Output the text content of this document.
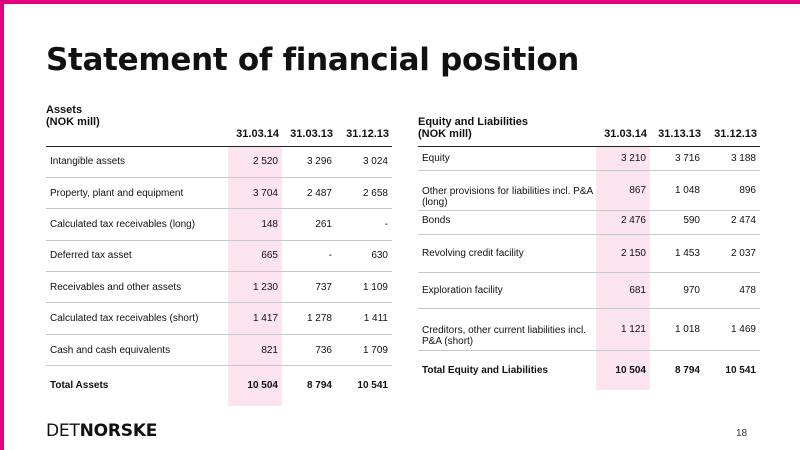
Statement of financial position
Assets
(NOK mill)	31.03.14	31.03.13	31.12.13
Intangible assets	2 520	3 296	3 024
Property, plant and equipment	3 704	2 487	2 658
Calculated tax receivables (long)	148	261	-
Deferred tax asset	665	-	630
Receivables and other assets	1 230	737	1 109
Calculated tax receivables (short)	1 417	1 278	1 411
Cash and cash equivalents	821	736	1 709
Total Assets	10 504	8 794	10 541
Equity and Liabilities
(NOK mill)	31.03.14	31.13.13	31.12.13
Equity	3 210	3 716	3 188
Other provisions for liabilities incl. P&A (long)	867	1 048	896
Bonds	2 476	590	2 474
Revolving credit facility	2 150	1 453	2 037
Exploration facility	681	970	478
Creditors, other current liabilities incl. P&A (short)	1 121	1 018	1 469
Total Equity and Liabilities	10 504	8 794	10 541
DETNORSKE	18
